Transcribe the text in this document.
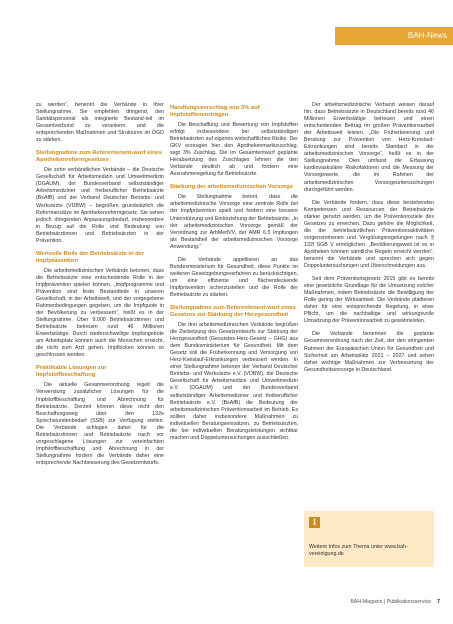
BAH-News

zu werden“, benennt die Verbände in ihrer Stellungnahme. Sie empfehlen dringend, den Sanitätspersonal als integrierte Bestand-teil im Gesamtverbund zu verankern und die entsprechenden Maßnahmen und Strukturen im ÖGD zu stärken.

Stellungnahme zum Referentenent-wurf eines Apothekenreformgesetzes

Die zehn verbändlichen Verbände – die Deutsche Gesellschaft für Arbeitsmedizin und Umweltmedizin (DGAUM), der Bundesverband selbstständiger Arbeitsmediziner und freiberuflicher Betriebsärzte (BsAfB) und der Verband Deutscher Betriebs- und Werksärzte (VDBW) – begrüßen grundsätzlich die Reformansätze im Apothekenreformgesetz. Sie sehen jedoch dringenden Anpassungsbedarf, insbesondere in Bezug auf die Rolle und Bedeutung von Betriebsärztinnen und Betriebsärzten in der Prävention.

Wertvolle Rolle der Betriebsärzte in der Impfprävention

Die arbeitsmedizinischen Verbände betonen, dass die Betriebsärzte eine entscheidende Rolle in der Impfprävention spielen können. „Impfprogramme und Prävention sind feste Bestandteile in unseren Gesellschaft, in der Arbeitswelt, und der vorgegebene Rahmenbedingungen gegeben, um die Impfquote in der Bevölkerung zu verbessern“, heißt es in der Stellungnahme. Über 9.000 Betriebsärztinnen und Betriebsärzte betreuen rund 46 Millionen Erwerbstätige. Durch niederschwellige Impfangebote am Arbeitsplatz können auch die Menschen erreicht, die nicht zum Arzt gehen. Impflücken können so geschlossen werden.

Praktikable Lösungen zur Impfstoffbeschaffung

Die aktuelle Gesamtverordnung regelt die Verwendung zusätzlicher Lösungen für die Impfstoffbeschaffung und Abrechnung für Betriebsärzte. Derzeit können diese nicht den Beschaffungsweg über den 132e Sprechstundenbedarf (SSB) zur Verfügung stellen. Die Verbände schlagen daher für die Betriebsärztinnen und Betriebsärzte nach vor vorgeschlagene Lösungen zur vereinfachten Impfstoffbeschaffung und Abrechnung in der Stellungnahme fordern die Verbände daher eine entsprechende Nachbesserung des Gesetzentwurfs.

Handlungsvorschlag von 3% auf Impfstoffenvorträgen

Die Beschaffung und Bewertung von Impfstoffen erfolgt insbesondere bei selbstständigen Betriebsärzten auf eigenes wirtschaftliches Risiko. Der GKV erzeugen hier den Apothekenmarktzuschlag, sagt 3% Zuschlag. Die im Gesamtentwurf geplante Herabsetzung des Zuschlages lehnen die den Verbände deutlich ab und fordern eine Ausnahmeregelung für Betriebsärzte.

Stärkung der arbeitsmedizinischen Vorsorge

Die Stellungnahme betont, dass die arbeitsmedizinische Vorsorge eine zentrale Rolle bei der Impfprävention spielt und fordern eine bessere Unterstützung und Einbeziehung der Betriebsärzte. „In der arbeitsmedizinischen Vorsorge gemäß der Verordnung zur ArbMedVV, der AMR 6.5 Impfungen als Bestandteil der arbeitsmedizinischen Vorsorge Anwendung.“

Die Verbände appellieren an das Bundesministerium für Gesundheit, diese Punkte im weiteren Gesetzgebungsverfahren zu berücksichtigen, um eine effiziente und flächendeckende Impfprävention sicherzustellen und die Rolle der Betriebsärzte zu stärken.

Stellungnahme zum Referentenent-wurf eines Gesetzes zur Stärkung der Herzgesundheit

Die drei arbeitsmedizinischen Verbände begrüßen die Zielsetzung des Gesetzentwurfs zur Stärkung der Herzgesundheit (Gesundes-Herz-Gesetz – GHG) aus dem Bundesministerium für Gesundheit. Mit dem Gesetz soll die Früherkennung und Versorgung von Herz-Kreislauf-Erkrankungen verbessert werden. In einer Stellungnahme betonen der Verband Deutscher Betriebs- und Werksärzte e.V. (VDBW), die Deutsche Gesellschaft für Arbeitsmedizin und Umweltmedizin e.V. (DGAUM) und der Bundesverband selbstständiger Arbeitsmediziner und freiberuflicher Betriebsärzte e.V. (BsAfB) die Bedeutung der arbeitsmedizinischen Präventionsarbeit im Betrieb. Es sollten daher insbesondere Maßnahmen zu individuellen Beratungseinsätzen, zu Betriebsärzten, die bei individuellen Beratungsleistungen sichtbar machen und Doppeluntersuchungen ausschließen.

Der arbeitsmedizinische Verband weisen darauf hin, dass Betriebsärzte in Deutschland bereits rund 46 Millionen Erwerbstätige betreuen und einen entscheidenden Beitrag im großen Präventionsarbeit der Arbeitswelt leisten. „Die Früherkennung und Beratung zur Prävention von Herz-Kreislauf-Erkrankungen sind bereits Standard in der arbeitsmedizinischen Vorsorge“, heißt es in der Stellungnahme. Dies umfasst die Erfassung kardiovaskulärer Risikofaktoren und die Messung der Vorsorgewerte, die im Rahmen der arbeitsmedizinischen Vorsorgeuntersuchungen durchgeführt werden.

Die Verbände fordern, dass diese bestehenden Kompetenzen und Ressourcen der Betriebsärzte stärker genutzt werden, um die Präventionsziele des Gesetzes zu erreichen. Dazu gehöre die Möglichkeit, die der betriebsärztlichen Präventionsaktivitäten vorgenommenen und Vergütungsregelungen nach § 132f SGB V ermöglichen. „Bevölkerungsweit ist es in Apotheken können sämtliche Regeln erreicht werden“, benennt die Verbände und sprechen sich gegen Doppeluntersuchungen und Überschneidungen aus.

Seit dem Präventionsgesetz 2015 gibt es bereits eine gesetzliche Grundlage für die Umsetzung solcher Maßnahmen, indem Betriebsärzte die Bewilligung der Rolle gering der Wirksamkeit. Die Verbände plädieren daher für eine entsprechende Regelung, in einer Pflicht, um die nachhaltige und wirkungsvolle Umsetzung der Präventionsarbeit zu gewährleisten.

Die Verbände benennen die geplante Gesamtverordnung nach der Zeit, der den stringenten Rahmen der Europäischen Union für Gesundheit und Sicherheit am Arbeitsplatz 2021 – 2027 und sehen daher wichtige Maßnahmen zur Verbesserung der Gesundheitsvorsorge in Deutschland.

i
Weitere Infos zum Thema unter www.bah-vereinigung.de
BAH-Magazin | Publikationsservice 7
